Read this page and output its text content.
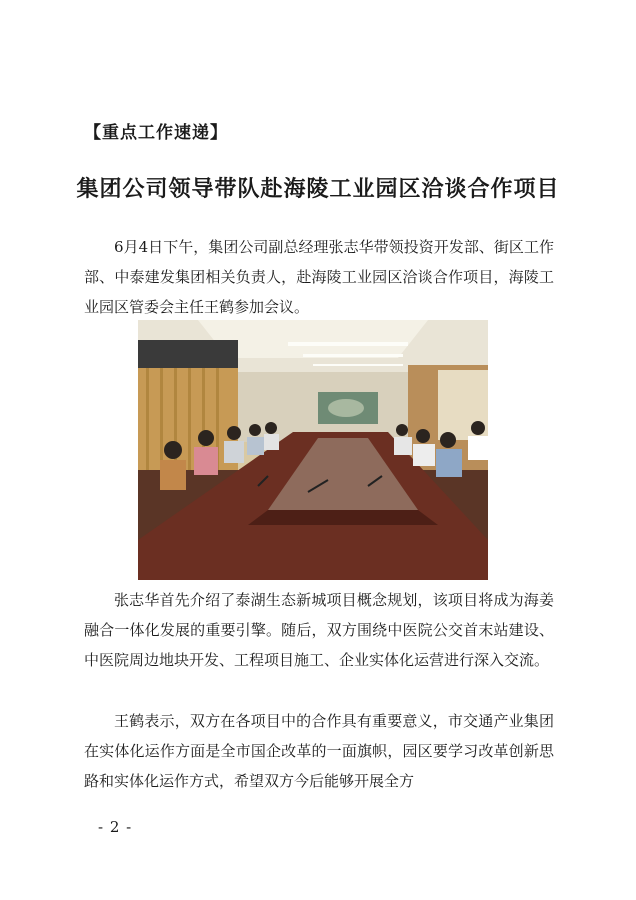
【重点工作速递】
集团公司领导带队赴海陵工业园区洽谈合作项目

6月4日下午，集团公司副总经理张志华带领投资开发部、街区工作部、中泰建发集团相关负责人，赴海陵工业园区洽谈合作项目，海陵工业园区管委会主任王鹤参加会议。

张志华首先介绍了泰湖生态新城项目概念规划，该项目将成为海姜融合一体化发展的重要引擎。随后，双方围绕中医院公交首末站建设、中医院周边地块开发、工程项目施工、企业实体化运营进行深入交流。

王鹤表示，双方在各项目中的合作具有重要意义，市交通产业集团在实体化运作方面是全市国企改革的一面旗帜，园区要学习改革创新思路和实体化运作方式，希望双方今后能够开展全方

- 2 -
